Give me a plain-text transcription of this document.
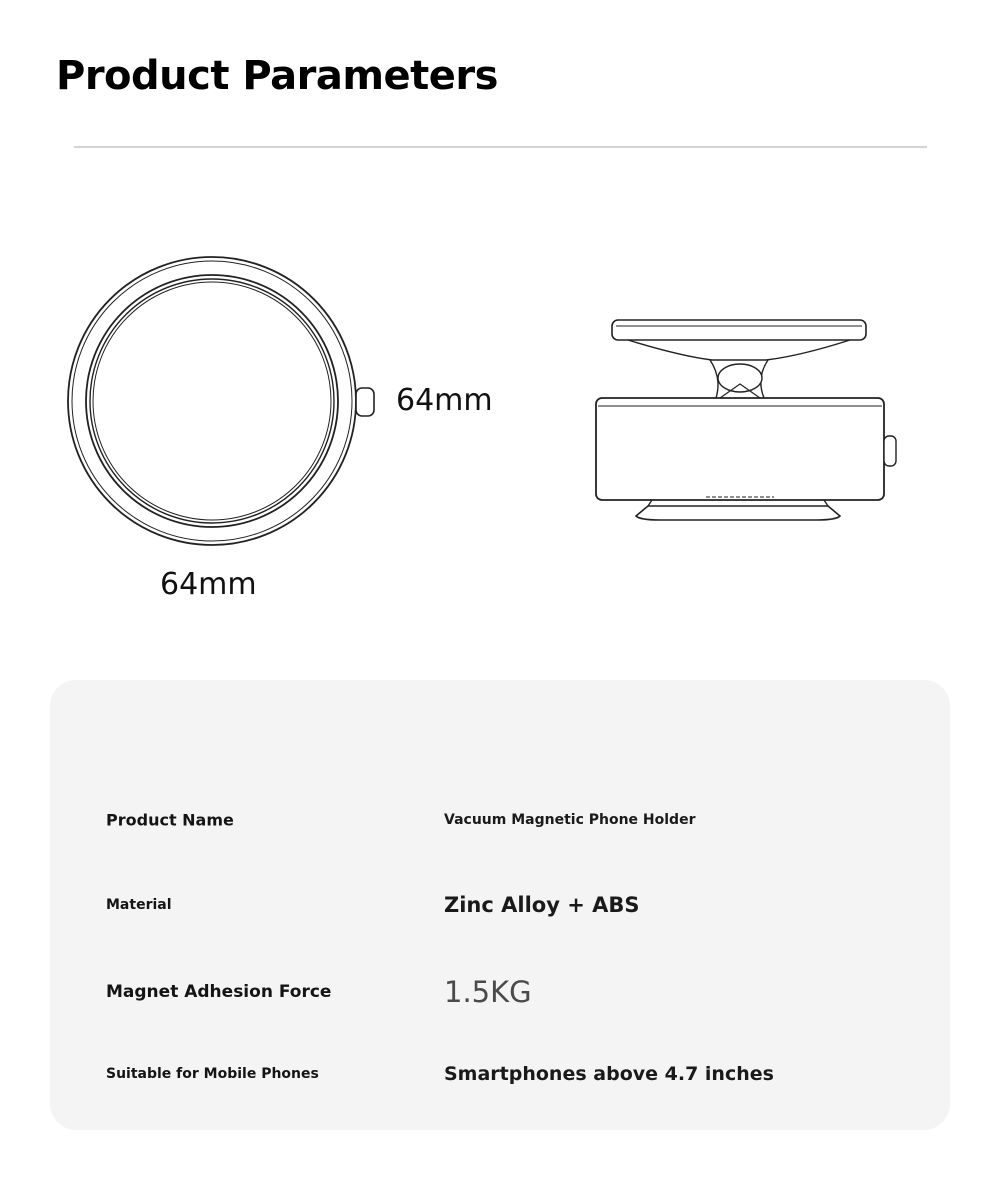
Product Parameters
64mm
64mm
Product Name	Vacuum Magnetic Phone Holder
Material	Zinc Alloy + ABS
Magnet Adhesion Force	1.5KG
Suitable for Mobile Phones	Smartphones above 4.7 inches
